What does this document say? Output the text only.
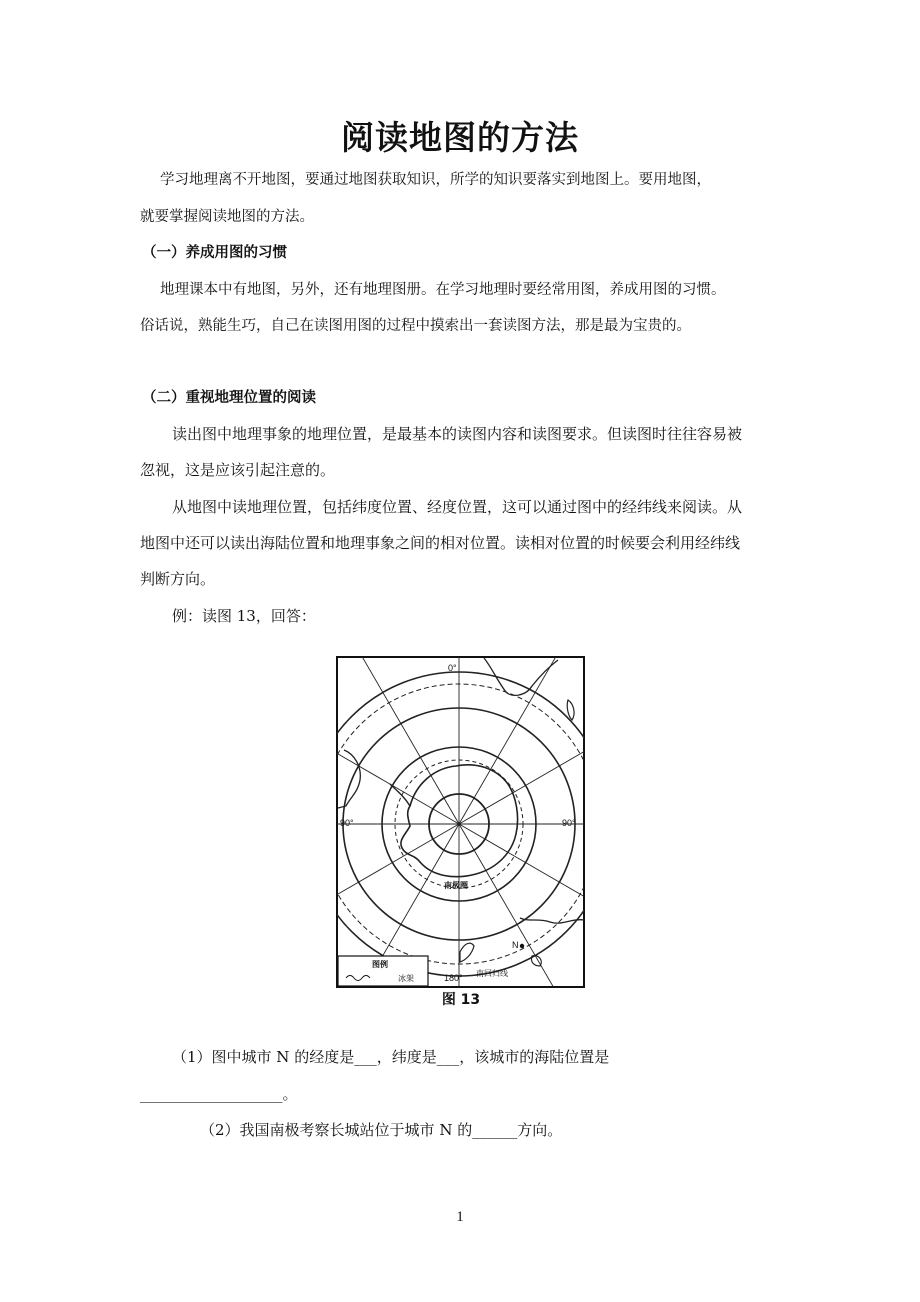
阅读地图的方法
学习地理离不开地图，要通过地图获取知识，所学的知识要落实到地图上。要用地图，
就要掌握阅读地图的方法。
（一）养成用图的习惯
地理课本中有地图，另外，还有地理图册。在学习地理时要经常用图，养成用图的习惯。
俗话说，熟能生巧，自己在读图用图的过程中摸索出一套读图方法，那是最为宝贵的。
（二）重视地理位置的阅读
读出图中地理事象的地理位置，是最基本的读图内容和读图要求。但读图时往往容易被
忽视，这是应该引起注意的。
从地图中读地理位置，包括纬度位置、经度位置，这可以通过图中的经纬线来阅读。从
地图中还可以读出海陆位置和地理事象之间的相对位置。读相对位置的时候要会利用经纬线
判断方向。
例：读图 13，回答：
N
0°
90°	90°
180°
南极圈
南回归线
图例
冰架
图 13
（1）图中城市 N 的经度是___，纬度是___，该城市的海陆位置是
___________________。
（2）我国南极考察长城站位于城市 N 的______方向。
1
